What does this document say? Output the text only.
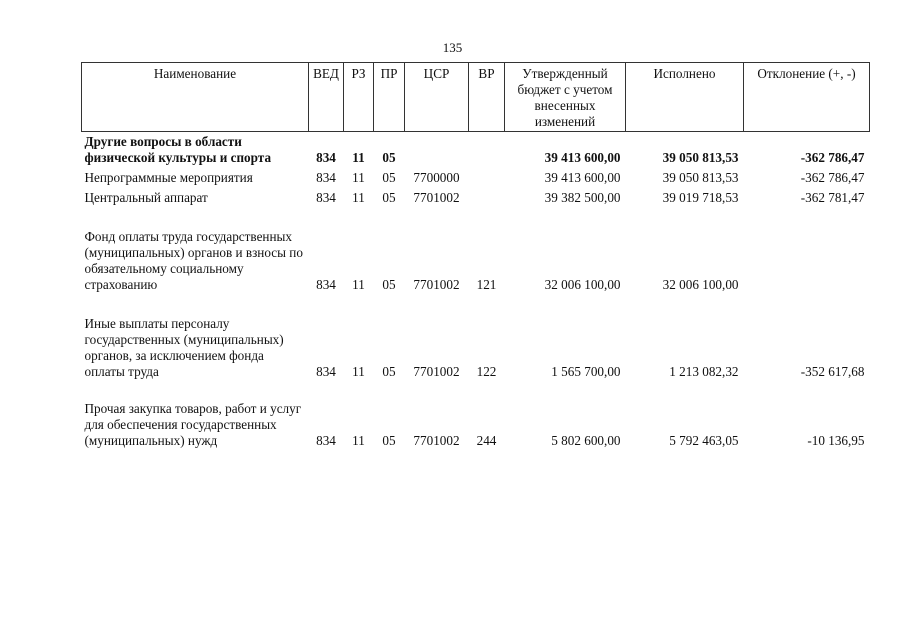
135
Наименование	ВЕД	РЗ	ПР	ЦСР	ВР	Утвержденный бюджет с учетом внесенных изменений	Исполнено	Отклонение (+, -)
Другие вопросы в области физической культуры и спорта	834	11	05			39 413 600,00	39 050 813,53	-362 786,47
Непрограммные мероприятия	834	11	05	7700000		39 413 600,00	39 050 813,53	-362 786,47
Центральный аппарат	834	11	05	7701002		39 382 500,00	39 019 718,53	-362 781,47
Фонд оплаты труда государственных (муниципальных) органов и взносы по обязательному социальному страхованию	834	11	05	7701002	121	32 006 100,00	32 006 100,00	
Иные выплаты персоналу государственных (муниципальных) органов, за исключением фонда оплаты труда	834	11	05	7701002	122	1 565 700,00	1 213 082,32	-352 617,68
Прочая закупка товаров, работ и услуг для обеспечения государственных (муниципальных) нужд	834	11	05	7701002	244	5 802 600,00	5 792 463,05	-10 136,95
